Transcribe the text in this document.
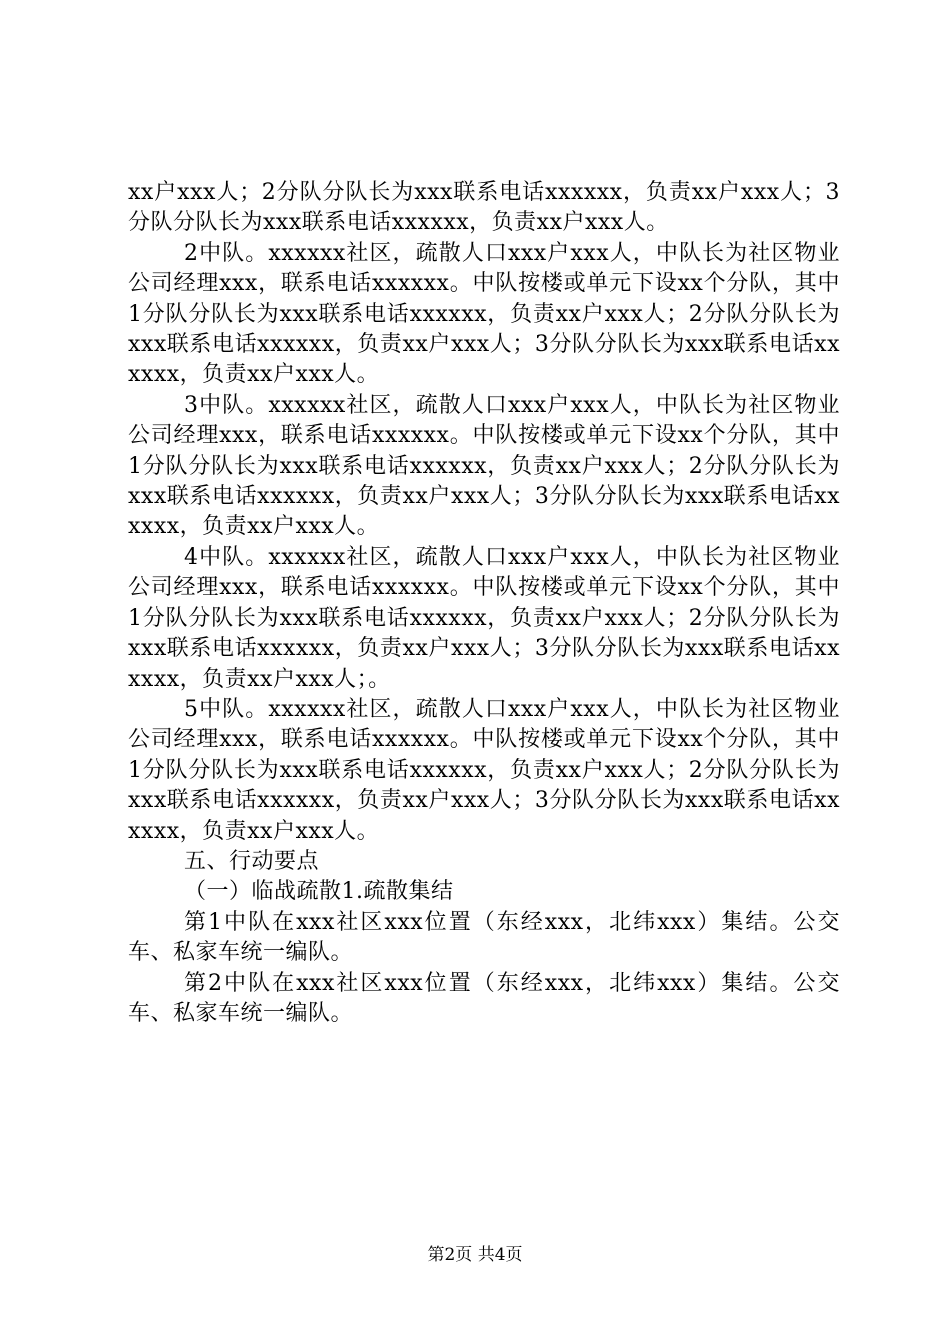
xx户xxx人；2分队分队长为xxx联系电话xxxxxx，负责xx户xxx人；3分队分队长为xxx联系电话xxxxxx，负责xx户xxx人。

2中队。xxxxxx社区，疏散人口xxx户xxx人，中队长为社区物业公司经理xxx，联系电话xxxxxx。中队按楼或单元下设xx个分队，其中1分队分队长为xxx联系电话xxxxxx，负责xx户xxx人；2分队分队长为xxx联系电话xxxxxx，负责xx户xxx人；3分队分队长为xxx联系电话xxxxxx，负责xx户xxx人。

3中队。xxxxxx社区，疏散人口xxx户xxx人，中队长为社区物业公司经理xxx，联系电话xxxxxx。中队按楼或单元下设xx个分队，其中1分队分队长为xxx联系电话xxxxxx，负责xx户xxx人；2分队分队长为xxx联系电话xxxxxx，负责xx户xxx人；3分队分队长为xxx联系电话xxxxxx，负责xx户xxx人。

4中队。xxxxxx社区，疏散人口xxx户xxx人，中队长为社区物业公司经理xxx，联系电话xxxxxx。中队按楼或单元下设xx个分队，其中1分队分队长为xxx联系电话xxxxxx，负责xx户xxx人；2分队分队长为xxx联系电话xxxxxx，负责xx户xxx人；3分队分队长为xxx联系电话xxxxxx，负责xx户xxx人；。

5中队。xxxxxx社区，疏散人口xxx户xxx人，中队长为社区物业公司经理xxx，联系电话xxxxxx。中队按楼或单元下设xx个分队，其中1分队分队长为xxx联系电话xxxxxx，负责xx户xxx人；2分队分队长为xxx联系电话xxxxxx，负责xx户xxx人；3分队分队长为xxx联系电话xxxxxx，负责xx户xxx人。

五、行动要点

（一）临战疏散1.疏散集结

第1中队在xxx社区xxx位置（东经xxx，北纬xxx）集结。公交车、私家车统一编队。

第2中队在xxx社区xxx位置（东经xxx，北纬xxx）集结。公交车、私家车统一编队。

第2页 共4页
